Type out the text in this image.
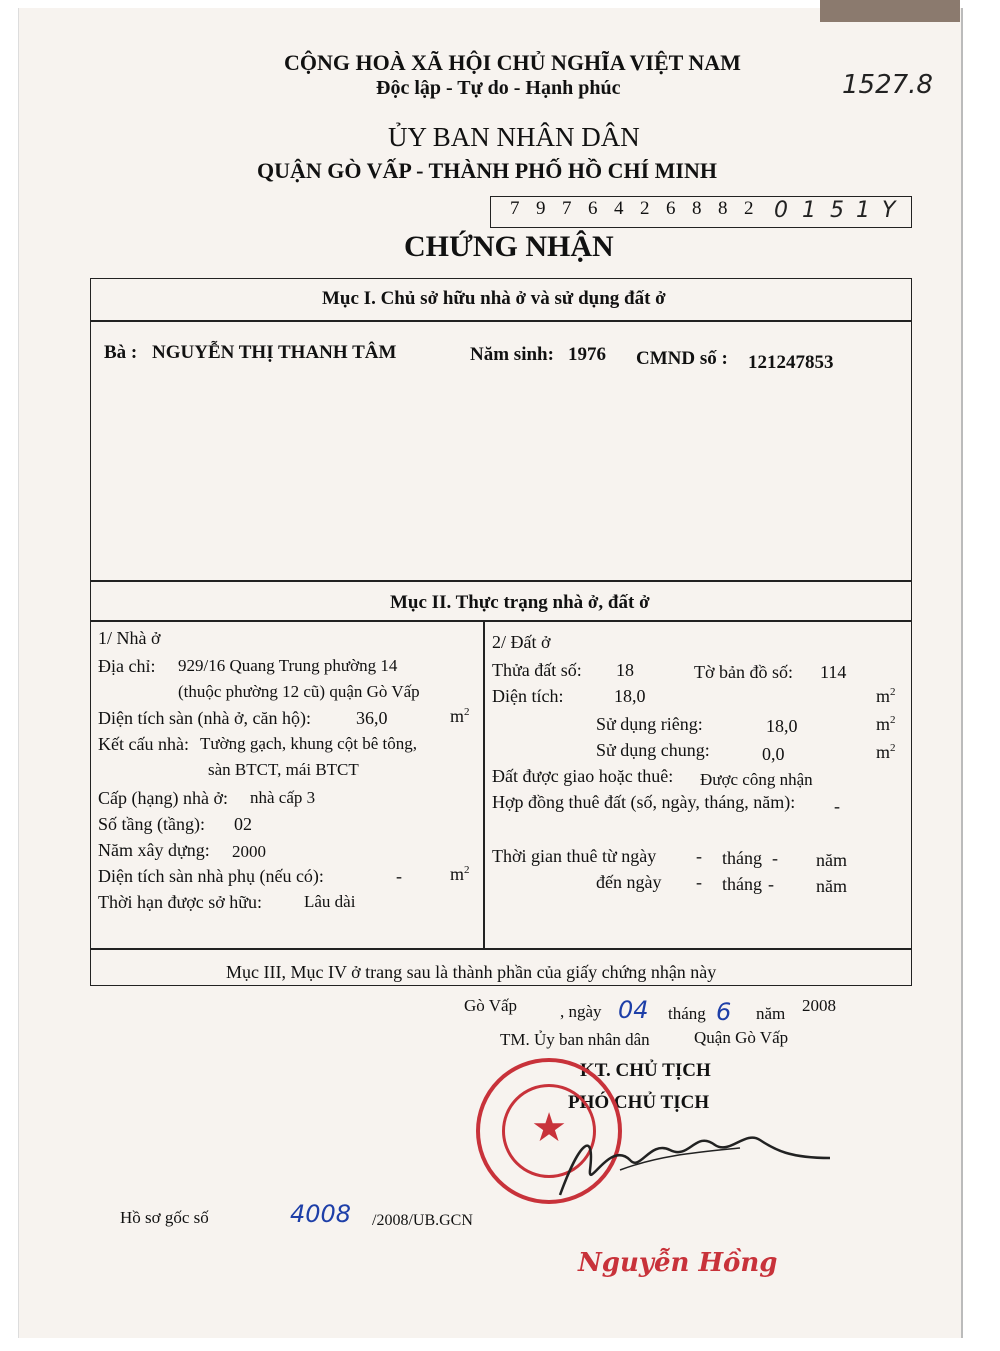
CỘNG HOÀ XÃ HỘI CHỦ NGHĨA VIỆT NAM
Độc lập - Tự do - Hạnh phúc	1527.8
ỦY BAN NHÂN DÂN
QUẬN GÒ VẤP - THÀNH PHỐ HỒ CHÍ MINH
7 9 7 6 4 2 6 8 8 2 0 1 5 1 Y
CHỨNG NHẬN
Mục I. Chủ sở hữu nhà ở và sử dụng đất ở
Bà : NGUYỄN THỊ THANH TÂM	Năm sinh: 1976 CMND số : 121247853
Mục II. Thực trạng nhà ở, đất ở
1/ Nhà ở
Địa chỉ: 929/16 Quang Trung phường 14
(thuộc phường 12 cũ) quận Gò Vấp
Diện tích sàn (nhà ở, căn hộ):	36,0	$m^2$
Kết cấu nhà: Tường gạch, khung cột bê tông,
sàn BTCT, mái BTCT
Cấp (hạng) nhà ở: nhà cấp 3
Số tầng (tầng): 02
Năm xây dựng: 2000
Diện tích sàn nhà phụ (nếu có):	-	$m^2$
Thời hạn được sở hữu: Lâu dài
2/ Đất ở
Thửa đất số: 18	Tờ bản đồ số: 114
Diện tích:	18,0	$m^2$
Sử dụng riêng:	18,0	$m^2$
Sử dụng chung:	0,0	$m^2$
Đất được giao hoặc thuê: Được công nhận
Hợp đồng thuê đất (số, ngày, tháng, năm): -
Thời gian thuê từ ngày - tháng - năm
đến ngày - tháng - năm
Mục III, Mục IV ở trang sau là thành phần của giấy chứng nhận này
Gò Vấp	, ngày 04 tháng 6 năm 2008
TM. Ủy ban nhân dân	Quận Gò Vấp
KT. CHỦ TỊCH
PHÓ CHỦ TỊCH
★
Nguyễn Hồng
Hồ sơ gốc số	4008 /2008/UB.GCN
